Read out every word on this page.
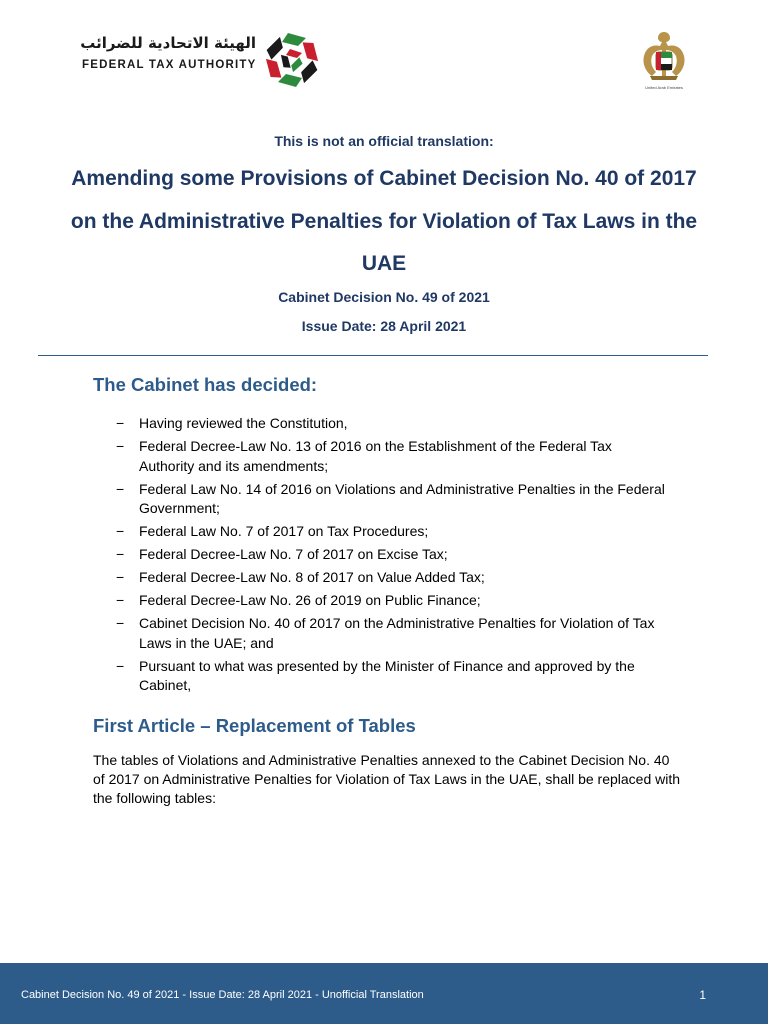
الهيئة الاتحادية للضرائب
FEDERAL TAX AUTHORITY
United Arab Emirates
This is not an official translation:
Amending some Provisions of Cabinet Decision No. 40 of 2017 on the Administrative Penalties for Violation of Tax Laws in the UAE
Cabinet Decision No. 49 of 2021
Issue Date: 28 April 2021
The Cabinet has decided:
− Having reviewed the Constitution,
− Federal Decree-Law No. 13 of 2016 on the Establishment of the Federal Tax Authority and its amendments;
− Federal Law No. 14 of 2016 on Violations and Administrative Penalties in the Federal Government;
− Federal Law No. 7 of 2017 on Tax Procedures;
− Federal Decree-Law No. 7 of 2017 on Excise Tax;
− Federal Decree-Law No. 8 of 2017 on Value Added Tax;
− Federal Decree-Law No. 26 of 2019 on Public Finance;
− Cabinet Decision No. 40 of 2017 on the Administrative Penalties for Violation of Tax Laws in the UAE; and
− Pursuant to what was presented by the Minister of Finance and approved by the Cabinet,
First Article – Replacement of Tables
The tables of Violations and Administrative Penalties annexed to the Cabinet Decision No. 40 of 2017 on Administrative Penalties for Violation of Tax Laws in the UAE, shall be replaced with the following tables:
Cabinet Decision No. 49 of 2021 - Issue Date: 28 April 2021 - Unofficial Translation	1
